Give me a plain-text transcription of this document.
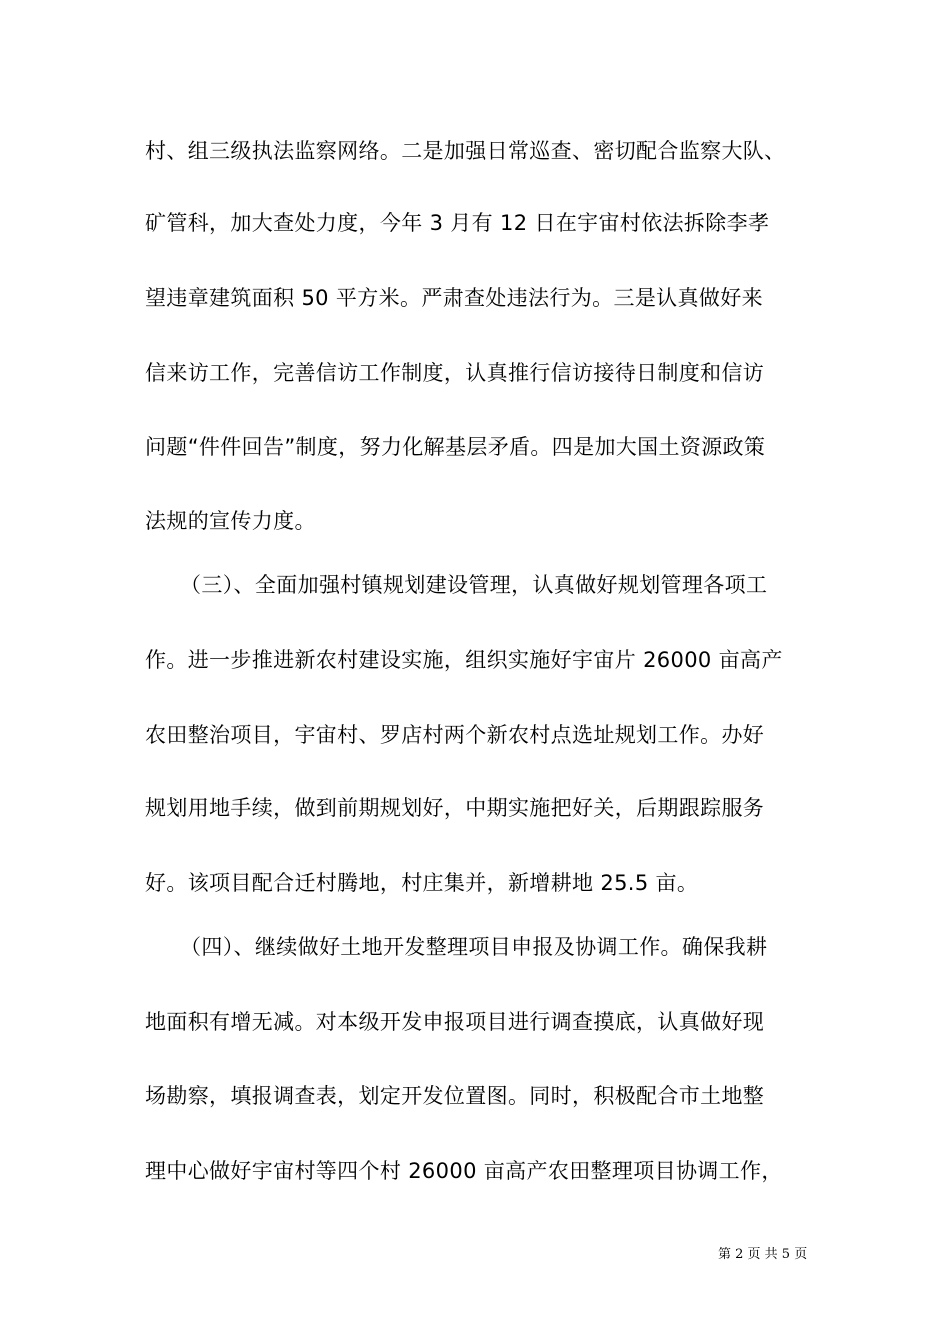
村、组三级执法监察网络。二是加强日常巡查、密切配合监察大队、
矿管科，加大查处力度，今年 3 月有 12 日在宇宙村依法拆除李孝
望违章建筑面积 50 平方米。严肃查处违法行为。三是认真做好来
信来访工作，完善信访工作制度，认真推行信访接待日制度和信访
问题“件件回告”制度，努力化解基层矛盾。四是加大国土资源政策
法规的宣传力度。
（三）、全面加强村镇规划建设管理，认真做好规划管理各项工
作。进一步推进新农村建设实施，组织实施好宇宙片 26000 亩高产
农田整治项目，宇宙村、罗店村两个新农村点选址规划工作。办好
规划用地手续，做到前期规划好，中期实施把好关，后期跟踪服务
好。该项目配合迁村腾地，村庄集并，新增耕地 25.5 亩。
（四）、继续做好土地开发整理项目申报及协调工作。确保我耕
地面积有增无减。对本级开发申报项目进行调查摸底，认真做好现
场勘察，填报调查表，划定开发位置图。同时，积极配合市土地整
理中心做好宇宙村等四个村 26000 亩高产农田整理项目协调工作，
第 2 页 共 5 页
